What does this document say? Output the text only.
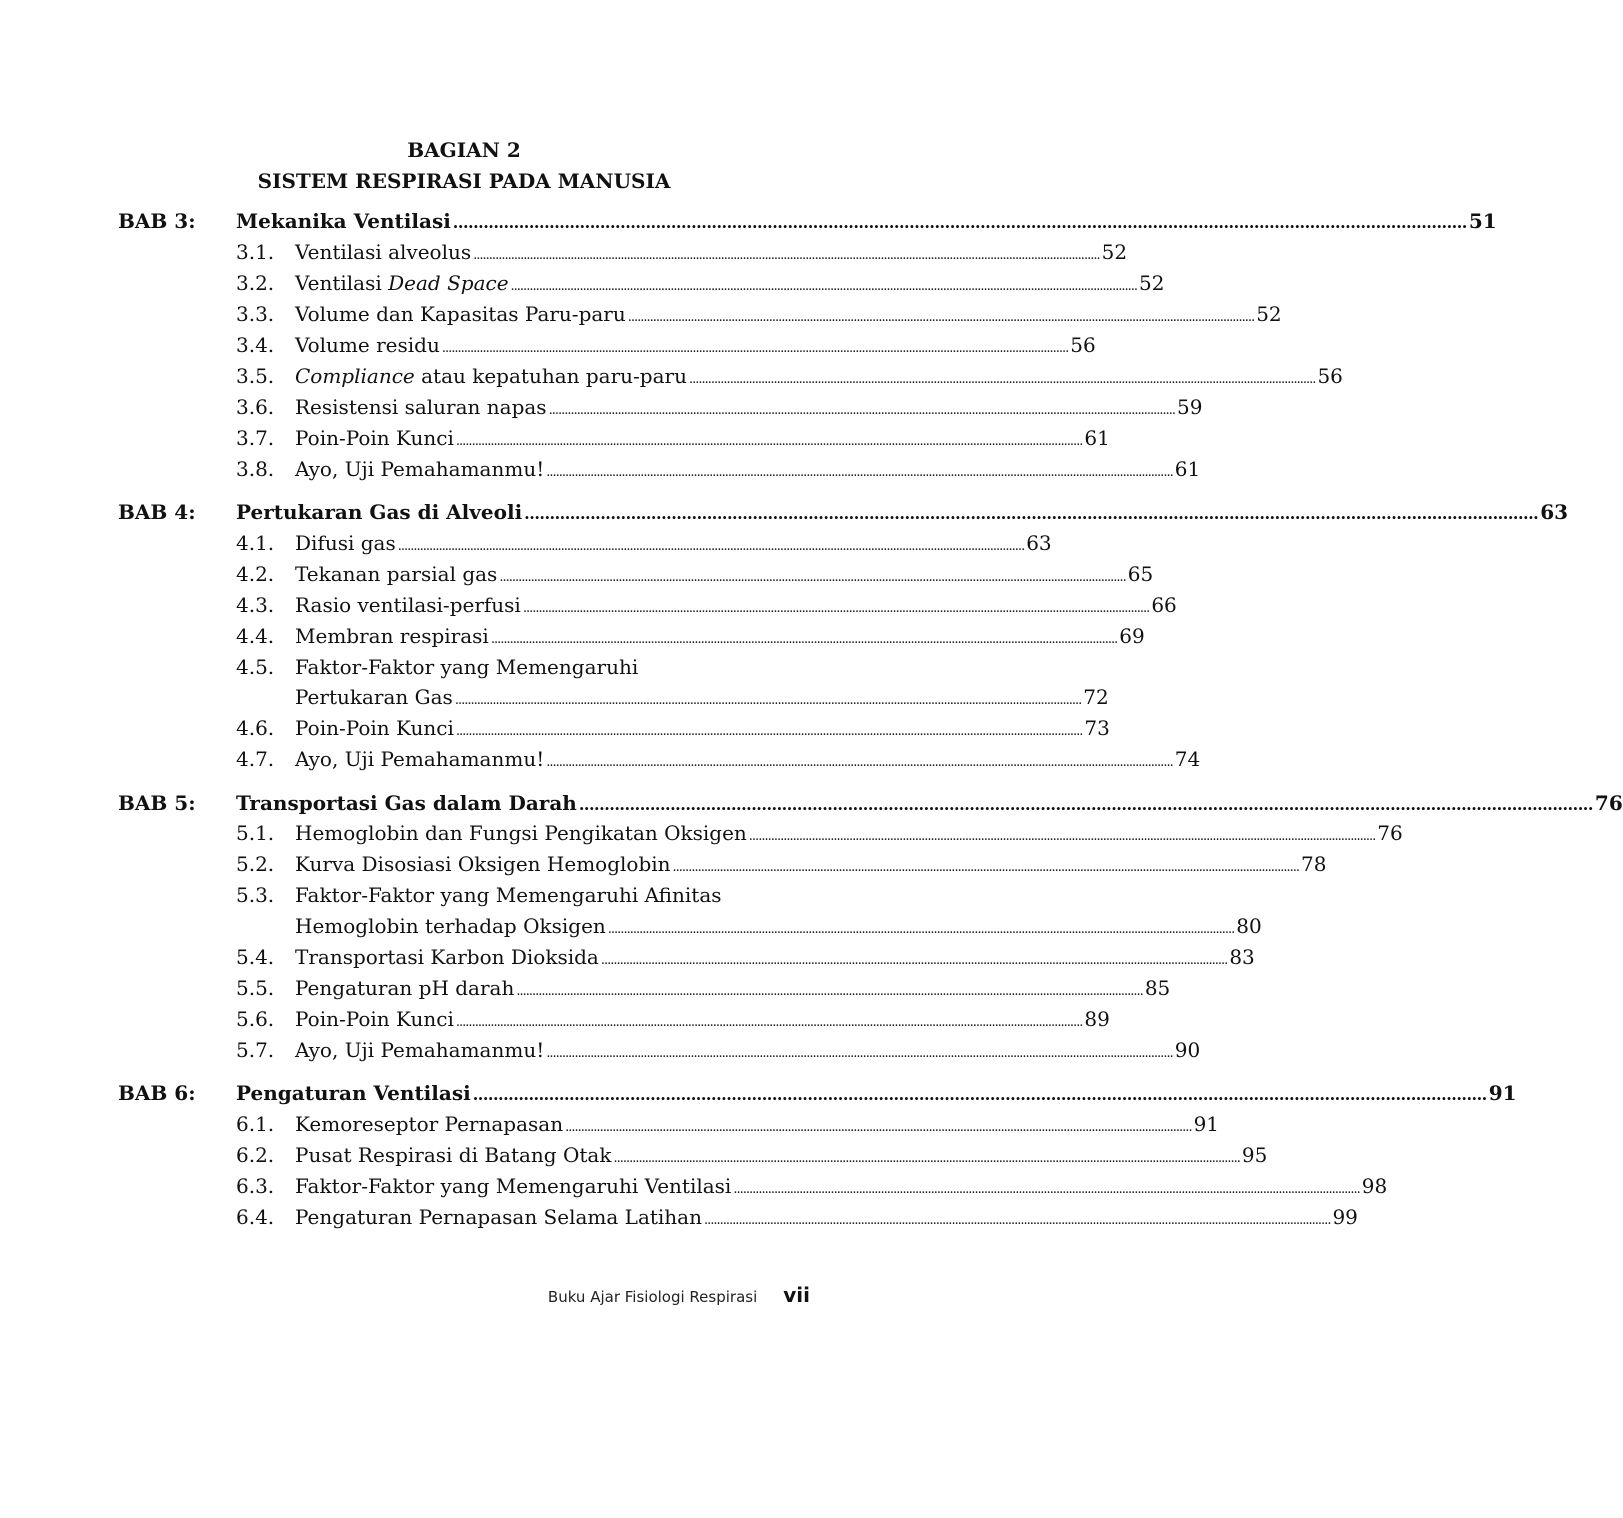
BAGIAN 2
SISTEM RESPIRASI PADA MANUSIA
BAB 3:	Mekanika Ventilasi ........................................................................................................................................................................................................ 51
3.1.	Ventilasi alveolus ........................................................................................................................................................................................................ 52
3.2.	Ventilasi Dead Space ........................................................................................................................................................................................................ 52
3.3.	Volume dan Kapasitas Paru-paru ........................................................................................................................................................................................................ 52
3.4.	Volume residu ........................................................................................................................................................................................................ 56
3.5.	Compliance atau kepatuhan paru-paru ........................................................................................................................................................................................................ 56
3.6.	Resistensi saluran napas ........................................................................................................................................................................................................ 59
3.7.	Poin-Poin Kunci ........................................................................................................................................................................................................ 61
3.8.	Ayo, Uji Pemahamanmu! ........................................................................................................................................................................................................ 61
BAB 4:	Pertukaran Gas di Alveoli ........................................................................................................................................................................................................ 63
4.1.	Difusi gas ........................................................................................................................................................................................................ 63
4.2.	Tekanan parsial gas ........................................................................................................................................................................................................ 65
4.3.	Rasio ventilasi-perfusi ........................................................................................................................................................................................................ 66
4.4.	Membran respirasi ........................................................................................................................................................................................................ 69
4.5.	Faktor-Faktor yang Memengaruhi
Pertukaran Gas ........................................................................................................................................................................................................ 72
4.6.	Poin-Poin Kunci ........................................................................................................................................................................................................ 73
4.7.	Ayo, Uji Pemahamanmu! ........................................................................................................................................................................................................ 74
BAB 5:	Transportasi Gas dalam Darah ........................................................................................................................................................................................................ 76
5.1.	Hemoglobin dan Fungsi Pengikatan Oksigen ........................................................................................................................................................................................................ 76
5.2.	Kurva Disosiasi Oksigen Hemoglobin ........................................................................................................................................................................................................ 78
5.3.	Faktor-Faktor yang Memengaruhi Afinitas
Hemoglobin terhadap Oksigen ........................................................................................................................................................................................................ 80
5.4.	Transportasi Karbon Dioksida ........................................................................................................................................................................................................ 83
5.5.	Pengaturan pH darah ........................................................................................................................................................................................................ 85
5.6.	Poin-Poin Kunci ........................................................................................................................................................................................................ 89
5.7.	Ayo, Uji Pemahamanmu! ........................................................................................................................................................................................................ 90
BAB 6:	Pengaturan Ventilasi ........................................................................................................................................................................................................ 91
6.1.	Kemoreseptor Pernapasan ........................................................................................................................................................................................................ 91
6.2.	Pusat Respirasi di Batang Otak ........................................................................................................................................................................................................ 95
6.3.	Faktor-Faktor yang Memengaruhi Ventilasi ........................................................................................................................................................................................................ 98
6.4.	Pengaturan Pernapasan Selama Latihan ........................................................................................................................................................................................................ 99
Buku Ajar Fisiologi Respirasi vii
